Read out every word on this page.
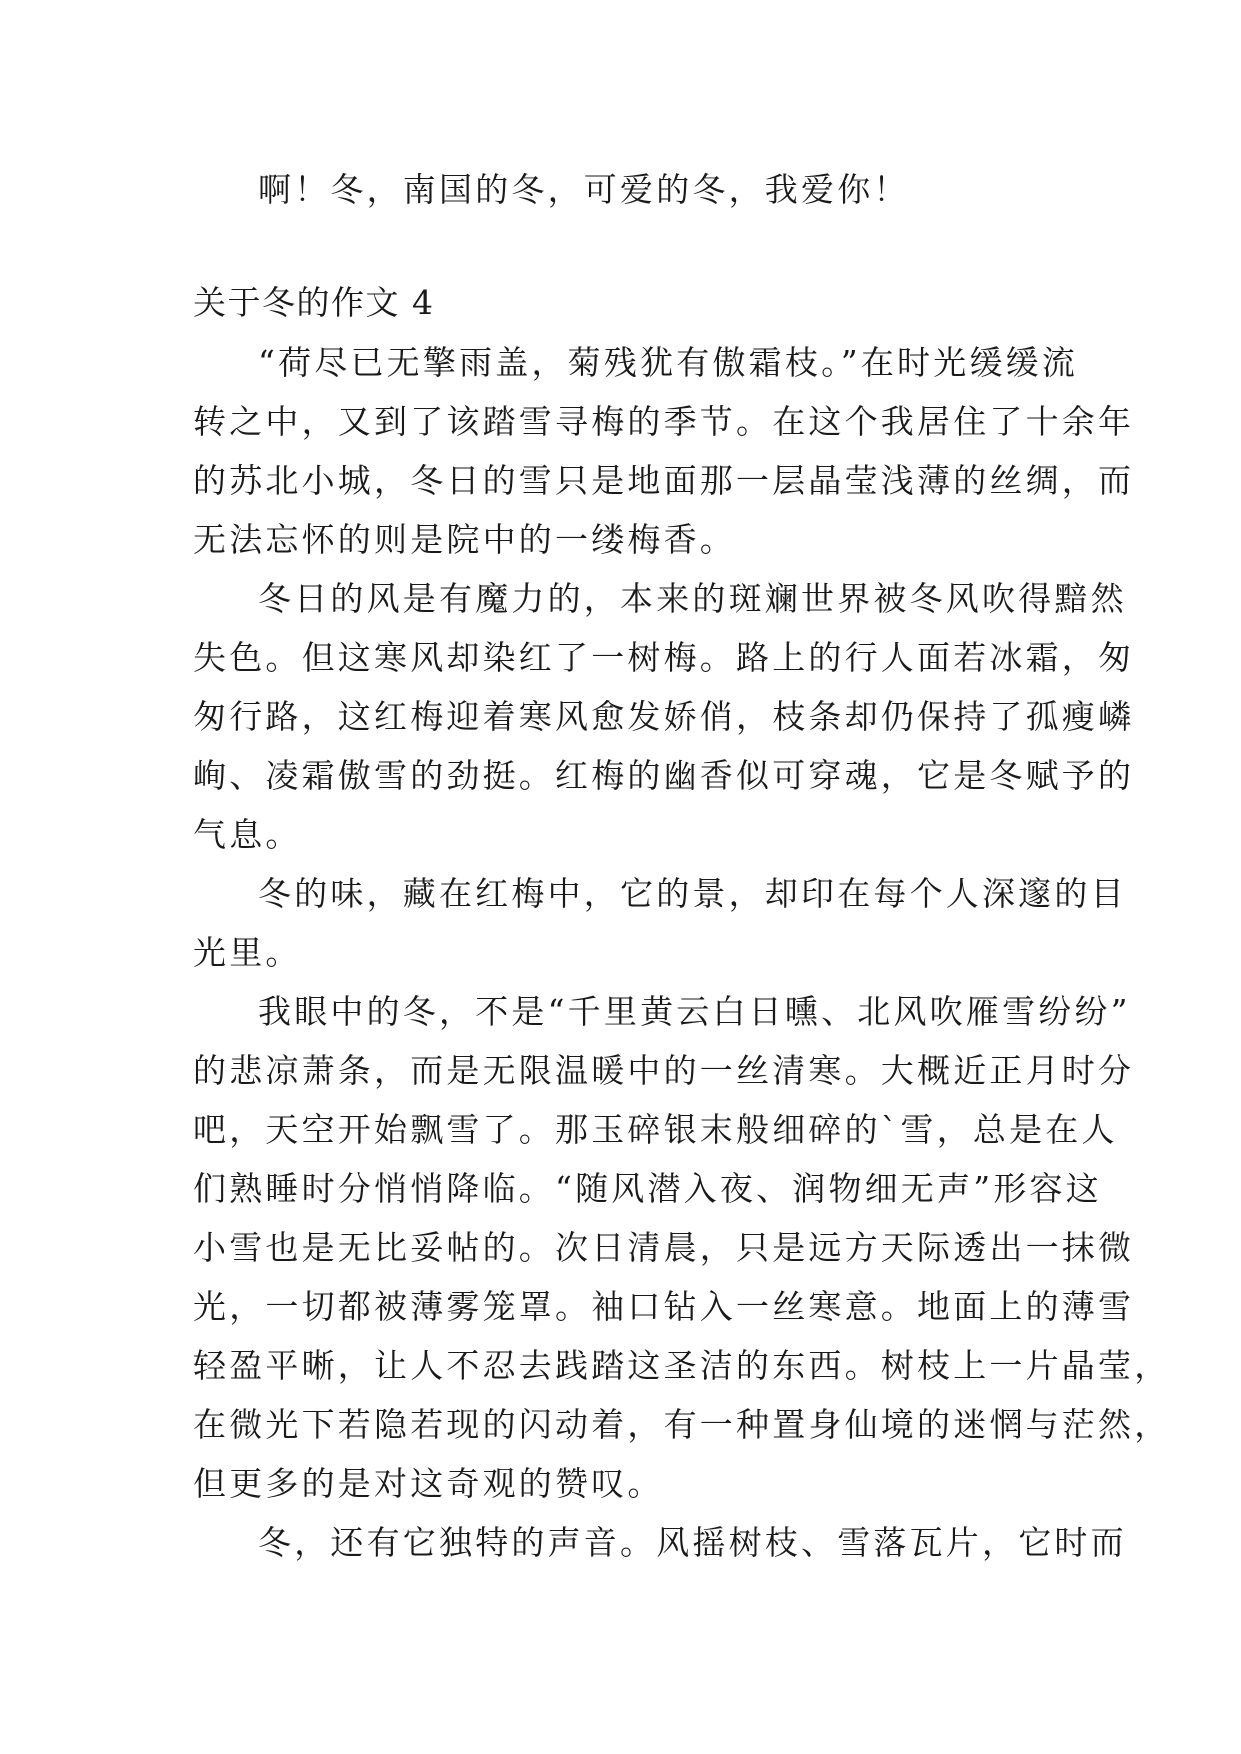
啊！冬，南国的冬，可爱的冬，我爱你！
关于冬的作文 4
“荷尽已无擎雨盖，菊残犹有傲霜枝。”在时光缓缓流
转之中，又到了该踏雪寻梅的季节。在这个我居住了十余年
的苏北小城，冬日的雪只是地面那一层晶莹浅薄的丝绸，而
无法忘怀的则是院中的一缕梅香。
冬日的风是有魔力的，本来的斑斓世界被冬风吹得黯然
失色。但这寒风却染红了一树梅。路上的行人面若冰霜，匆
匆行路，这红梅迎着寒风愈发娇俏，枝条却仍保持了孤瘦嶙
峋、凌霜傲雪的劲挺。红梅的幽香似可穿魂，它是冬赋予的
气息。
冬的味，藏在红梅中，它的景，却印在每个人深邃的目
光里。
我眼中的冬，不是“千里黄云白日曛、北风吹雁雪纷纷”
的悲凉萧条，而是无限温暖中的一丝清寒。大概近正月时分
吧，天空开始飘雪了。那玉碎银末般细碎的`雪，总是在人
们熟睡时分悄悄降临。“随风潜入夜、润物细无声”形容这
小雪也是无比妥帖的。次日清晨，只是远方天际透出一抹微
光，一切都被薄雾笼罩。袖口钻入一丝寒意。地面上的薄雪
轻盈平晰，让人不忍去践踏这圣洁的东西。树枝上一片晶莹，
在微光下若隐若现的闪动着，有一种置身仙境的迷惘与茫然，
但更多的是对这奇观的赞叹。
冬，还有它独特的声音。风摇树枝、雪落瓦片，它时而
